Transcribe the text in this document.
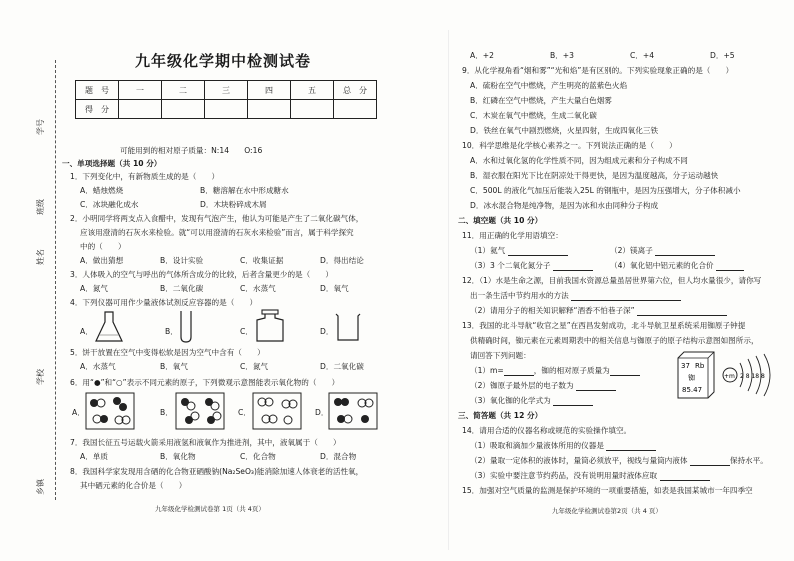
学号
班级
姓名
学校
乡镇
九年级化学期中检测试卷
题　号	一	二	三	四	五	总　分
得　分						
可能用到的相对原子质量：N:14　　O:16
一、单项选择题（共 10 分）
1．下列变化中，有新物质生成的是（　　）
A．蜡烛燃烧	B．糖溶解在水中形成糖水
C．冰块融化成水	D．木块粉碎成木屑
2．小明同学将两支点入食醋中，发现有气泡产生，他认为可能是产生了二氧化碳气体，
应该用澄清的石灰水来检验。就“可以用澄清的石灰水来检验”而言，属于科学探究
中的（　　）
A．做出猜想	B．设计实验	C．收集证据	D．得出结论
3．人体吸入的空气与呼出的气体所含成分的比较，后者含量更少的是（　　）
A．氮气	B．二氧化碳	C．水蒸气	D．氧气
4．下列仪器可用作少量液体试剂反应容器的是（　　）
A．	B．	C．	D．
5．饼干放置在空气中变得松软是因为空气中含有（　　）
A．水蒸气	B．氧气	C．氮气	D．二氧化碳
6．用“●”和“○”表示不同元素的原子，下列微观示意图能表示氧化物的（　　）
A．	B．	C．	D．
7．我国长征五号运载火箭采用液氢和液氧作为推进剂，其中，液氧属于（　　）
A．单质	B．氧化物	C．化合物	D．混合物
8．我国科学家发现用含硒的化合物亚硒酸钠(Na₂SeO₃)能消除加速人体衰老的活性氧，
其中硒元素的化合价是（　　）
九年级化学检测试卷第 1页（共 4页）
A．+2	B．+3	C．+4	D．+5
9．从化学视角看“烟和雾”“光和焰”是有区别的。下列实验现象正确的是（　　）
A．硫粉在空气中燃烧，产生明亮的蓝紫色火焰
B．红磷在空气中燃烧，产生大量白色烟雾
C．木炭在氧气中燃烧，生成二氧化碳
D．铁丝在氧气中剧烈燃烧，火星四射，生成四氧化三铁
10．科学思维是化学核心素养之一。下列说法正确的是（　　）
A．水和过氧化氢的化学性质不同，因为组成元素和分子构成不同
B．湿衣服在阳光下比在阴凉处干得更快，是因为温度越高，分子运动越快
C．500L 的液化气加压后能装入25L 的钢瓶中，是因为压强增大，分子体积减小
D．冰水混合物是纯净物，是因为冰和水由同种分子构成
二、填空题（共 10 分）
11．用正确的化学用语填空：
（1）氦气	（2）镁离子
（3）3 个二氧化氮分子	（4）氧化铝中铝元素的化合价
12．（1）水是生命之源，目前我国水资源总量虽居世界第六位，但人均水量很少，请你写
出一条生活中节约用水的方法
（2）请用分子的相关知识解释“酒香不怕巷子深”
13．我国的北斗导航“收官之星”在西昌发射成功，北斗导航卫星系统采用铷原子钟提
供精确时间，铷元素在元素周期表中的相关信息与铷原子的原子结构示意图如图所示，
请回答下列问题：
（1）m=	，铷的相对原子质量为
（2）铷原子最外层的电子数为
（3）氧化铷的化学式为
37 Rb
铷
85.47
+m 2 8 18 8
三、简答题（共 12 分）
14．请用合适的仪器名称或规范的实验操作填空。
（1）吸取和滴加少量液体所用的仪器是
（2）量取一定体积的液体时，量筒必须放平，视线与量筒内液体	保持水平。
（3）实验中要注意节约药品，没有说明用量时液体应取
15．加强对空气质量的监测是保护环境的一项重要措施，如表是我国某城市一年四季空
九年级化学检测试卷第2页（共 4 页）
